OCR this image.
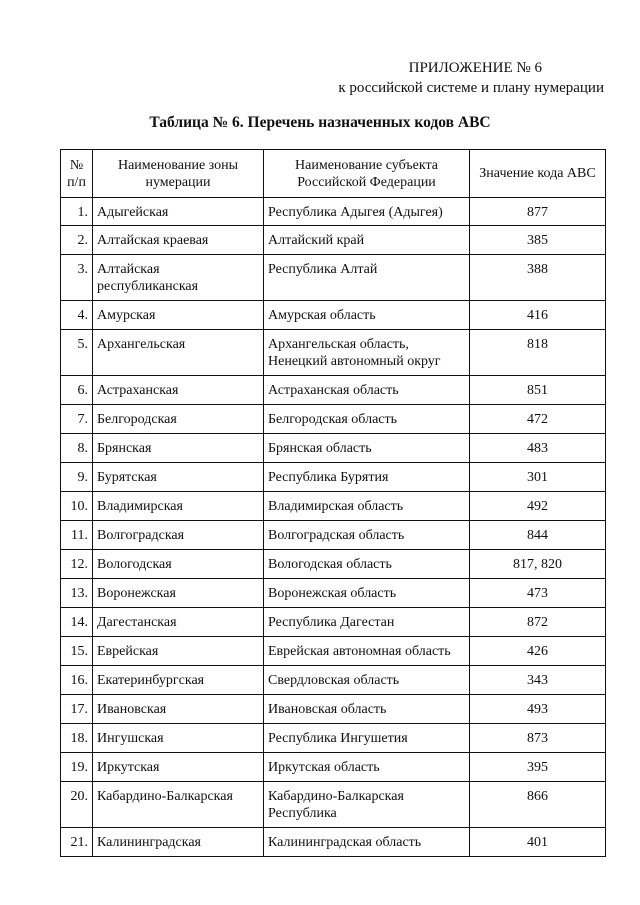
ПРИЛОЖЕНИЕ № 6
к российской системе и плану нумерации
Таблица № 6. Перечень назначенных кодов ABC
№ п/п	Наименование зоны нумерации	Наименование субъекта Российской Федерации	Значение кода ABC
1.	Адыгейская	Республика Адыгея (Адыгея)	877
2.	Алтайская краевая	Алтайский край	385
3.	Алтайская республиканская	Республика Алтай	388
4.	Амурская	Амурская область	416
5.	Архангельская	Архангельская область, Ненецкий автономный округ	818
6.	Астраханская	Астраханская область	851
7.	Белгородская	Белгородская область	472
8.	Брянская	Брянская область	483
9.	Бурятская	Республика Бурятия	301
10.	Владимирская	Владимирская область	492
11.	Волгоградская	Волгоградская область	844
12.	Вологодская	Вологодская область	817, 820
13.	Воронежская	Воронежская область	473
14.	Дагестанская	Республика Дагестан	872
15.	Еврейская	Еврейская автономная область	426
16.	Екатеринбургская	Свердловская область	343
17.	Ивановская	Ивановская область	493
18.	Ингушская	Республика Ингушетия	873
19.	Иркутская	Иркутская область	395
20.	Кабардино-Балкарская	Кабардино-Балкарская Республика	866
21.	Калининградская	Калининградская область	401
